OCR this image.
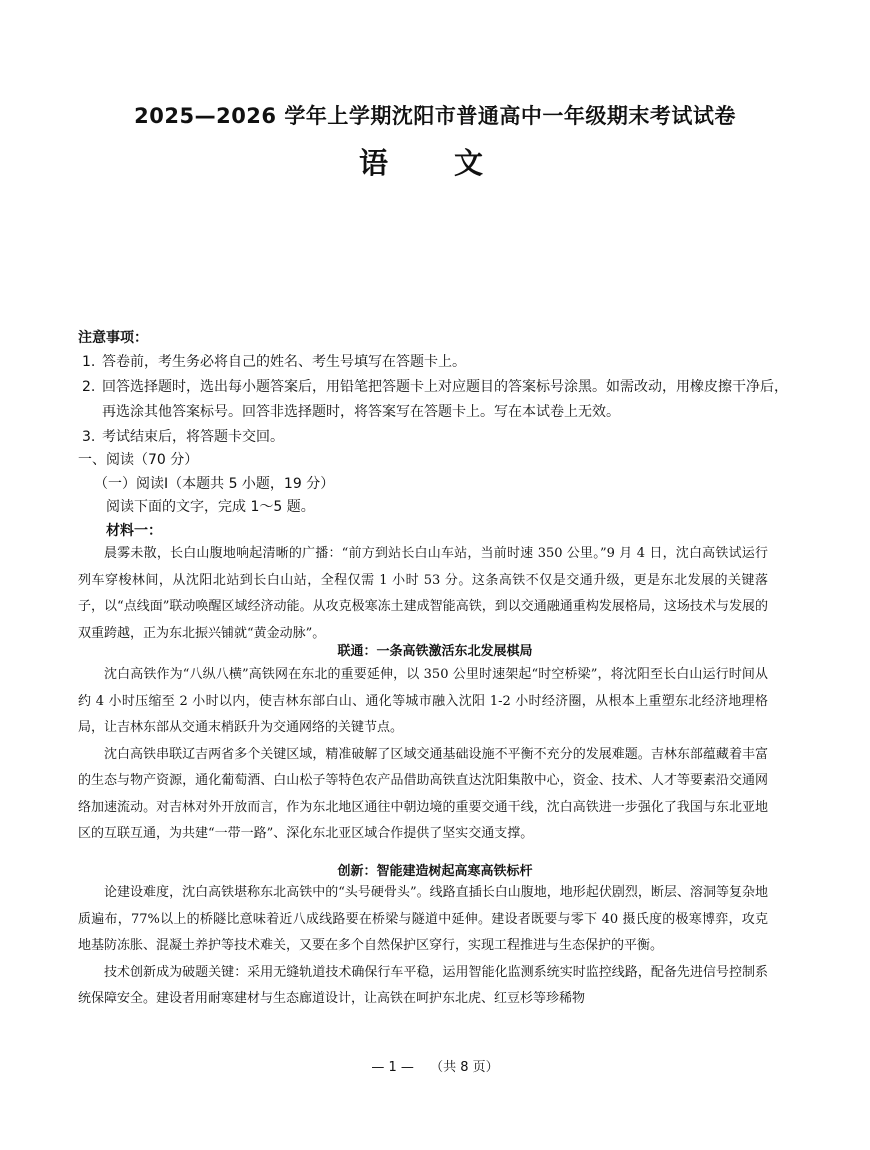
2025—2026 学年上学期沈阳市普通高中一年级期末考试试卷
语 文
注意事项：
1. 答卷前，考生务必将自己的姓名、考生号填写在答题卡上。
2. 回答选择题时，选出每小题答案后，用铅笔把答题卡上对应题目的答案标号涂黑。如需改动，用橡皮擦干净后，再选涂其他答案标号。回答非选择题时，将答案写在答题卡上。写在本试卷上无效。
3. 考试结束后，将答题卡交回。
一、阅读（70 分）
（一）阅读Ⅰ（本题共 5 小题，19 分）
阅读下面的文字，完成 1～5 题。
材料一：

晨雾未散，长白山腹地响起清晰的广播：“前方到站长白山车站，当前时速 350 公里。”9 月 4 日，沈白高铁试运行列车穿梭林间，从沈阳北站到长白山站，全程仅需 1 小时 53 分。这条高铁不仅是交通升级，更是东北发展的关键落子，以“点线面”联动唤醒区域经济动能。从攻克极寒冻土建成智能高铁，到以交通融通重构发展格局，这场技术与发展的双重跨越，正为东北振兴铺就“黄金动脉”。

联通：一条高铁激活东北发展棋局

沈白高铁作为“八纵八横”高铁网在东北的重要延伸，以 350 公里时速架起“时空桥梁”，将沈阳至长白山运行时间从约 4 小时压缩至 2 小时以内，使吉林东部白山、通化等城市融入沈阳 1-2 小时经济圈，从根本上重塑东北经济地理格局，让吉林东部从交通末梢跃升为交通网络的关键节点。

沈白高铁串联辽吉两省多个关键区域，精准破解了区域交通基础设施不平衡不充分的发展难题。吉林东部蕴藏着丰富的生态与物产资源，通化葡萄酒、白山松子等特色农产品借助高铁直达沈阳集散中心，资金、技术、人才等要素沿交通网络加速流动。对吉林对外开放而言，作为东北地区通往中朝边境的重要交通干线，沈白高铁进一步强化了我国与东北亚地区的互联互通，为共建“一带一路”、深化东北亚区域合作提供了坚实交通支撑。

创新：智能建造树起高寒高铁标杆

论建设难度，沈白高铁堪称东北高铁中的“头号硬骨头”。线路直插长白山腹地，地形起伏剧烈，断层、溶洞等复杂地质遍布，77%以上的桥隧比意味着近八成线路要在桥梁与隧道中延伸。建设者既要与零下 40 摄氏度的极寒博弈，攻克地基防冻胀、混凝土养护等技术难关，又要在多个自然保护区穿行，实现工程推进与生态保护的平衡。

技术创新成为破题关键：采用无缝轨道技术确保行车平稳，运用智能化监测系统实时监控线路，配备先进信号控制系统保障安全。建设者用耐寒建材与生态廊道设计，让高铁在呵护东北虎、红豆杉等珍稀物

— 1 — （共 8 页）
